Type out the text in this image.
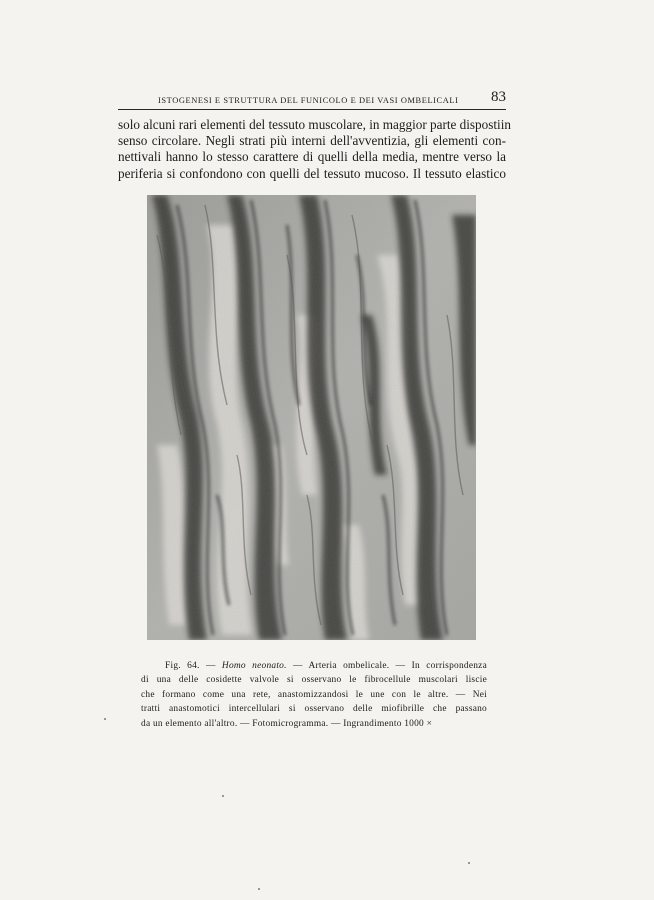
ISTOGENESI E STRUTTURA DEL FUNICOLO E DEI VASI OMBELICALI 83
solo alcuni rari elementi del tessuto muscolare, in maggior parte dispostiin
senso circolare. Negli strati più interni dell'avventizia, gli elementi con-
nettivali hanno lo stesso carattere di quelli della media, mentre verso la
periferia si confondono con quelli del tessuto mucoso. Il tessuto elastico
Fig. 64. — Homo neonato. — Arteria ombelicale. — In corrispondenza
di una delle cosidette valvole si osservano le fibrocellule muscolari liscie
che formano come una rete, anastomizzandosi le une con le altre. — Nei
tratti anastomotici intercellulari si osservano delle miofibrille che passano
da un elemento all'altro. — Fotomicrogramma. — Ingrandimento 1000 ×
